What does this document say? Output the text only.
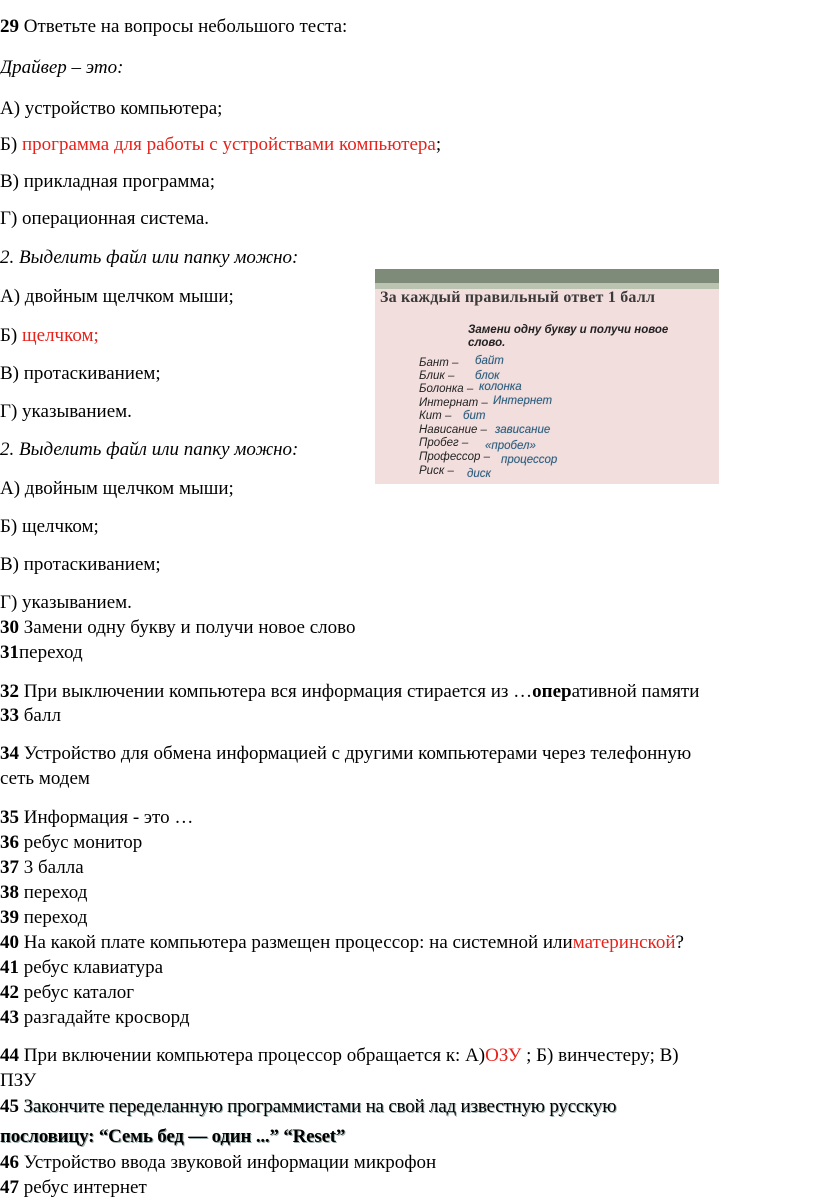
29 Ответьте на вопросы небольшого теста:
Драйвер – это:
А) устройство компьютера;
Б) программа для работы с устройствами компьютера;
В) прикладная программа;
Г) операционная система.
2. Выделить файл или папку можно:
А) двойным щелчком мыши;
Б) щелчком;
В) протаскиванием;
Г) указыванием.
2. Выделить файл или папку можно:
А) двойным щелчком мыши;
Б) щелчком;
В) протаскиванием;
Г) указыванием.
30 Замени одну букву и получи новое слово
31переход
32 При выключении компьютера вся информация стирается из …оперативной памяти
33 балл
34 Устройство для обмена информацией с другими компьютерами через телефонную
сеть модем
35 Информация - это …
36 ребус монитор
37 3 балла
38 переход
39 переход
40 На какой плате компьютера размещен процессор: на системной илиматеринской?
41 ребус клавиатура
42 ребус каталог
43 разгадайте кросворд
44 При включении компьютера процессор обращается к: А)ОЗУ ; Б) винчестеру; В)
ПЗУ
45 Закончите переделанную программистами на свой лад известную русскую
пословицу: “Семь бед — один ...” “Reset”
46 Устройство ввода звуковой информации микрофон
47 ребус интернет
За каждый правильный ответ 1 балл
Замени одну букву и получи новое слово.
Бант – байт
Блик – блок
Болонка – колонка
Интернат – Интернет
Кит – бит
Нависание – зависание
Пробег – «пробел»
Профессор – процессор
Риск – диск
